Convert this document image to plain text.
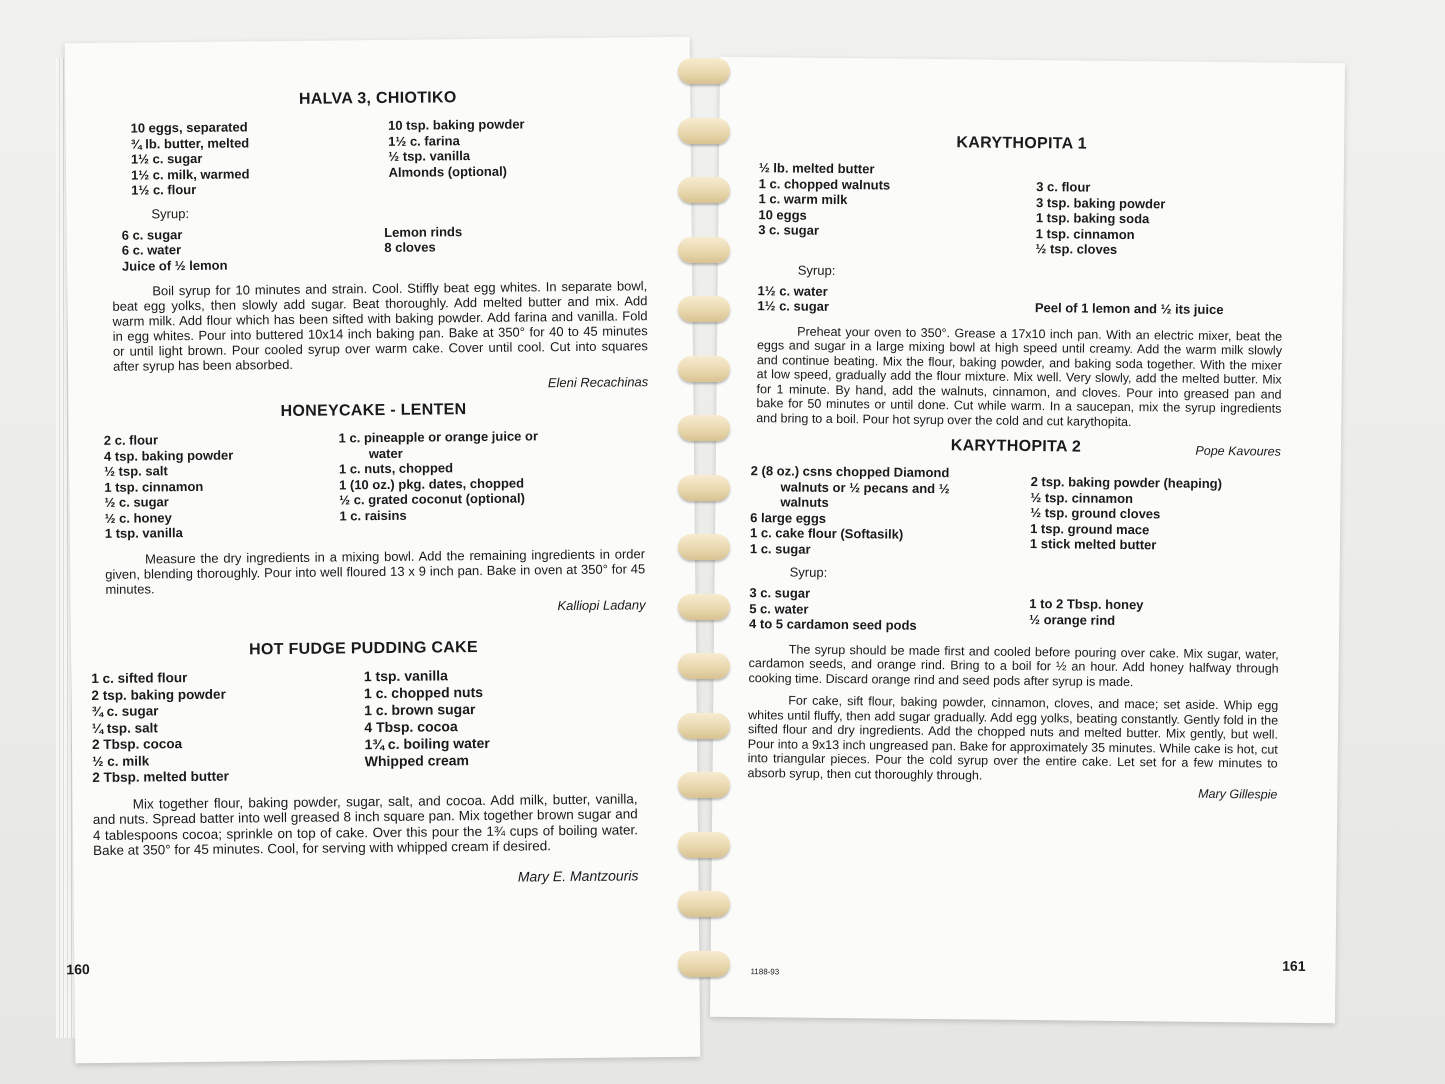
HALVA 3, CHIOTIKO
10 eggs, separated
¾ lb. butter, melted
1½ c. sugar
1½ c. milk, warmed
1½ c. flour
10 tsp. baking powder
1½ c. farina
½ tsp. vanilla
Almonds (optional)
Syrup:
6 c. sugar
6 c. water
Juice of ½ lemon
Lemon rinds
8 cloves

Boil syrup for 10 minutes and strain. Cool. Stiffly beat egg whites. In separate bowl, beat egg yolks, then slowly add sugar. Beat thoroughly. Add melted butter and mix. Add warm milk. Add flour which has been sifted with baking powder. Add farina and vanilla. Fold in egg whites. Pour into buttered 10x14 inch baking pan. Bake at 350° for 40 to 45 minutes or until light brown. Pour cooled syrup over warm cake. Cover until cool. Cut into squares after syrup has been absorbed.

Eleni Recachinas
HONEYCAKE - LENTEN
2 c. flour
4 tsp. baking powder
½ tsp. salt
1 tsp. cinnamon
½ c. sugar
½ c. honey
1 tsp. vanilla
1 c. pineapple or orange juice or
water
1 c. nuts, chopped
1 (10 oz.) pkg. dates, chopped
½ c. grated coconut (optional)
1 c. raisins

Measure the dry ingredients in a mixing bowl. Add the remaining ingredients in order given, blending thoroughly. Pour into well floured 13 x 9 inch pan. Bake in oven at 350° for 45 minutes.

Kalliopi Ladany
HOT FUDGE PUDDING CAKE
1 c. sifted flour
2 tsp. baking powder
¾ c. sugar
¼ tsp. salt
2 Tbsp. cocoa
½ c. milk
2 Tbsp. melted butter
1 tsp. vanilla
1 c. chopped nuts
1 c. brown sugar
4 Tbsp. cocoa
1¾ c. boiling water
Whipped cream

Mix together flour, baking powder, sugar, salt, and cocoa. Add milk, butter, vanilla, and nuts. Spread batter into well greased 8 inch square pan. Mix together brown sugar and 4 tablespoons cocoa; sprinkle on top of cake. Over this pour the 1¾ cups of boiling water. Bake at 350° for 45 minutes. Cool, for serving with whipped cream if desired.

Mary E. Mantzouris
160
KARYTHOPITA 1
½ lb. melted butter
1 c. chopped walnuts
1 c. warm milk
10 eggs
3 c. sugar
3 c. flour
3 tsp. baking powder
1 tsp. baking soda
1 tsp. cinnamon
½ tsp. cloves
Syrup:
1½ c. water
1½ c. sugar	Peel of 1 lemon and ½ its juice

Preheat your oven to 350°. Grease a 17x10 inch pan. With an electric mixer, beat the eggs and sugar in a large mixing bowl at high speed until creamy. Add the warm milk slowly and continue beating. Mix the flour, baking powder, and baking soda together. With the mixer at low speed, gradually add the flour mixture. Mix well. Very slowly, add the melted butter. Mix for 1 minute. By hand, add the walnuts, cinnamon, and cloves. Pour into greased pan and bake for 50 minutes or until done. Cut while warm. In a saucepan, mix the syrup ingredients and bring to a boil. Pour hot syrup over the cold and cut karythopita.

Pope Kavoures
KARYTHOPITA 2
2 (8 oz.) csns chopped Diamond
walnuts or ½ pecans and ½
walnuts
6 large eggs
1 c. cake flour (Softasilk)
1 c. sugar
2 tsp. baking powder (heaping)
½ tsp. cinnamon
½ tsp. ground cloves
1 tsp. ground mace
1 stick melted butter
Syrup:
3 c. sugar
5 c. water
4 to 5 cardamon seed pods
1 to 2 Tbsp. honey
½ orange rind

The syrup should be made first and cooled before pouring over cake. Mix sugar, water, cardamon seeds, and orange rind. Bring to a boil for ½ an hour. Add honey halfway through cooking time. Discard orange rind and seed pods after syrup is made.

For cake, sift flour, baking powder, cinnamon, cloves, and mace; set aside. Whip egg whites until fluffy, then add sugar gradually. Add egg yolks, beating constantly. Gently fold in the sifted flour and dry ingredients. Add the chopped nuts and melted butter. Mix gently, but well. Pour into a 9x13 inch ungreased pan. Bake for approximately 35 minutes. While cake is hot, cut into triangular pieces. Pour the cold syrup over the entire cake. Let set for a few minutes to absorb syrup, then cut thoroughly through.

Mary Gillespie
1188-93	161
